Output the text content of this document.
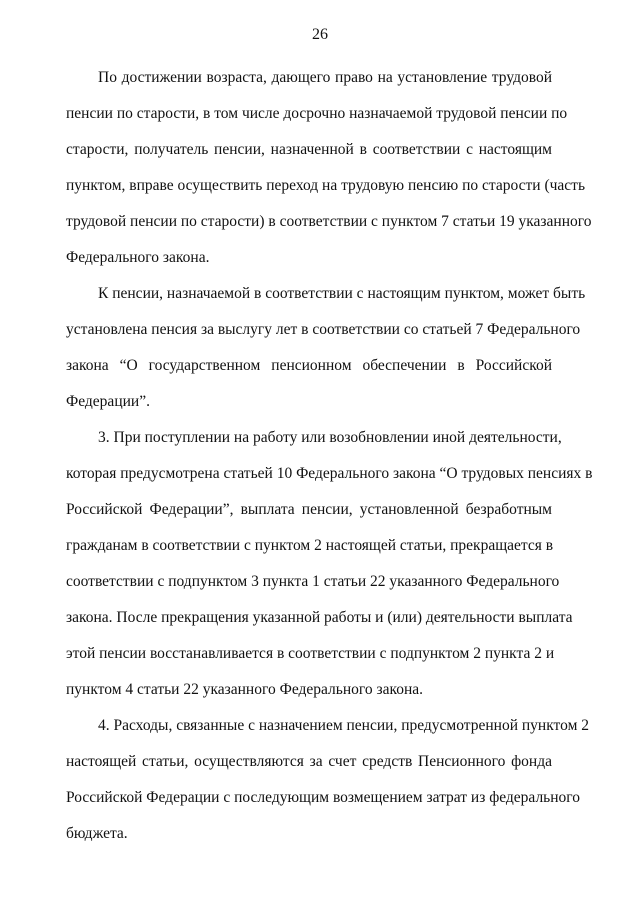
26

По достижении возраста, дающего право на установление трудовой
пенсии по старости, в том числе досрочно назначаемой трудовой пенсии по
старости, получатель пенсии, назначенной в соответствии с настоящим
пунктом, вправе осуществить переход на трудовую пенсию по старости (часть
трудовой пенсии по старости) в соответствии с пунктом 7 статьи 19 указанного
Федерального закона.

К пенсии, назначаемой в соответствии с настоящим пунктом, может быть
установлена пенсия за выслугу лет в соответствии со статьей 7 Федерального
закона “О государственном пенсионном обеспечении в Российской
Федерации”.

3. При поступлении на работу или возобновлении иной деятельности,
которая предусмотрена статьей 10 Федерального закона “О трудовых пенсиях в
Российской Федерации”, выплата пенсии, установленной безработным
гражданам в соответствии с пунктом 2 настоящей статьи, прекращается в
соответствии с подпунктом 3 пункта 1 статьи 22 указанного Федерального
закона. После прекращения указанной работы и (или) деятельности выплата
этой пенсии восстанавливается в соответствии с подпунктом 2 пункта 2 и
пунктом 4 статьи 22 указанного Федерального закона.

4. Расходы, связанные с назначением пенсии, предусмотренной пунктом 2
настоящей статьи, осуществляются за счет средств Пенсионного фонда
Российской Федерации с последующим возмещением затрат из федерального
бюджета.
